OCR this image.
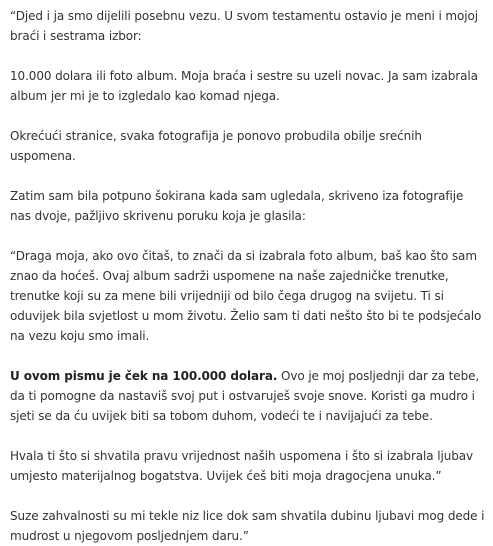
“Djed i ja smo dijelili posebnu vezu. U svom testamentu ostavio je meni i mojoj braći i sestrama izbor:

10.000 dolara ili foto album. Moja braća i sestre su uzeli novac. Ja sam izabrala album jer mi je to izgledalo kao komad njega.

Okrećući stranice, svaka fotografija je ponovo probudila obilje srećnih uspomena.

Zatim sam bila potpuno šokirana kada sam ugledala, skriveno iza fotografije nas dvoje, pažljivo skrivenu poruku koja je glasila:

“Draga moja, ako ovo čitaš, to znači da si izabrala foto album, baš kao što sam znao da hoćeš. Ovaj album sadrži uspomene na naše zajedničke trenutke, trenutke koji su za mene bili vrijedniji od bilo čega drugog na svijetu. Ti si oduvijek bila svjetlost u mom životu. Želio sam ti dati nešto što bi te podsjećalo na vezu koju smo imali.

U ovom pismu je ček na 100.000 dolara. Ovo je moj posljednji dar za tebe, da ti pomogne da nastaviš svoj put i ostvaruješ svoje snove. Koristi ga mudro i sjeti se da ću uvijek biti sa tobom duhom, vodeći te i navijajući za tebe.

Hvala ti što si shvatila pravu vrijednost naših uspomena i što si izabrala ljubav umjesto materijalnog bogatstva. Uvijek ćeš biti moja dragocjena unuka.”

Suze zahvalnosti su mi tekle niz lice dok sam shvatila dubinu ljubavi mog dede i mudrost u njegovom posljednjem daru.”
